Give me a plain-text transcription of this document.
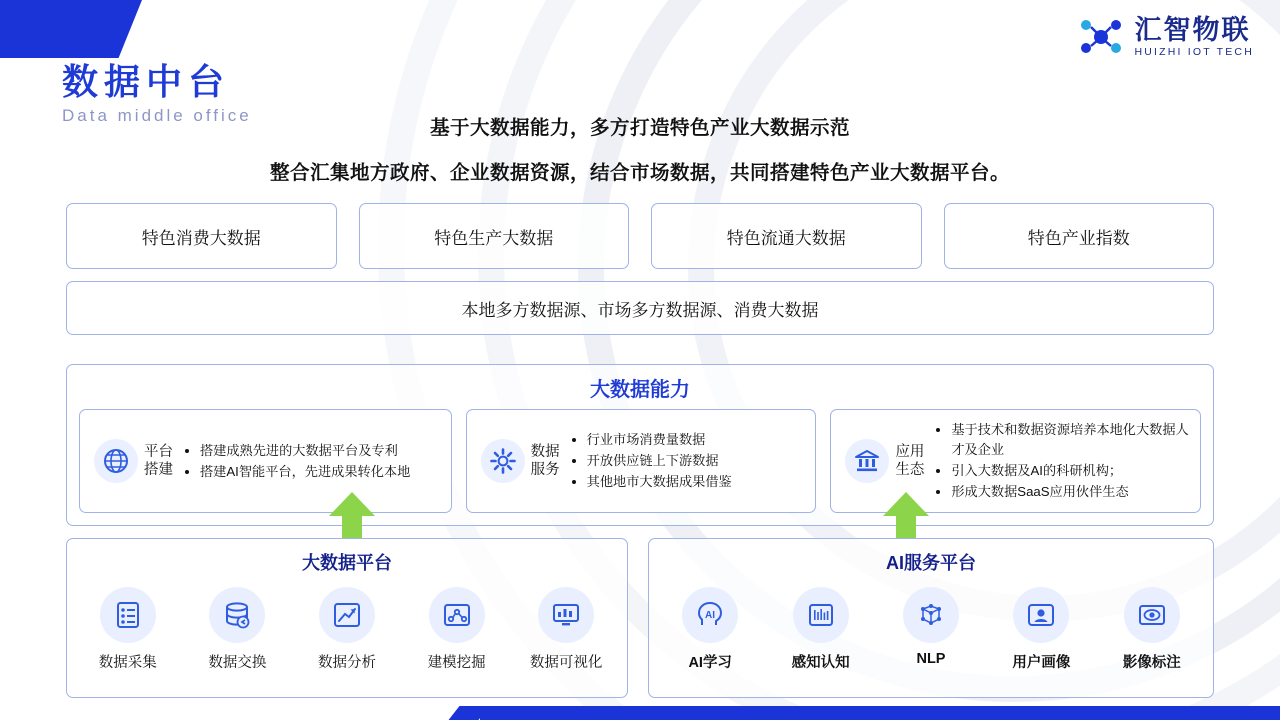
汇智物联
HUIZHI IOT TECH
数据中台
Data middle office
基于大数据能力，多方打造特色产业大数据示范
整合汇集地方政府、企业数据资源，结合市场数据，共同搭建特色产业大数据平台。
特色消费大数据	特色生产大数据	特色流通大数据	特色产业指数
本地多方数据源、市场多方数据源、消费大数据
大数据能力
平台
搭建
• 搭建成熟先进的大数据平台及专利
• 搭建AI智能平台，先进成果转化本地
数据
服务
• 行业市场消费量数据
• 开放供应链上下游数据
• 其他地市大数据成果借鉴
应用
生态
• 基于技术和数据资源培养本地化大数据人才及企业
• 引入大数据及AI的科研机构；
• 形成大数据SaaS应用伙伴生态
大数据平台
数据采集	数据交换	数据分析	建模挖掘	数据可视化
AI服务平台
AI
AI学习	感知认知	NLP	用户画像	影像标注
